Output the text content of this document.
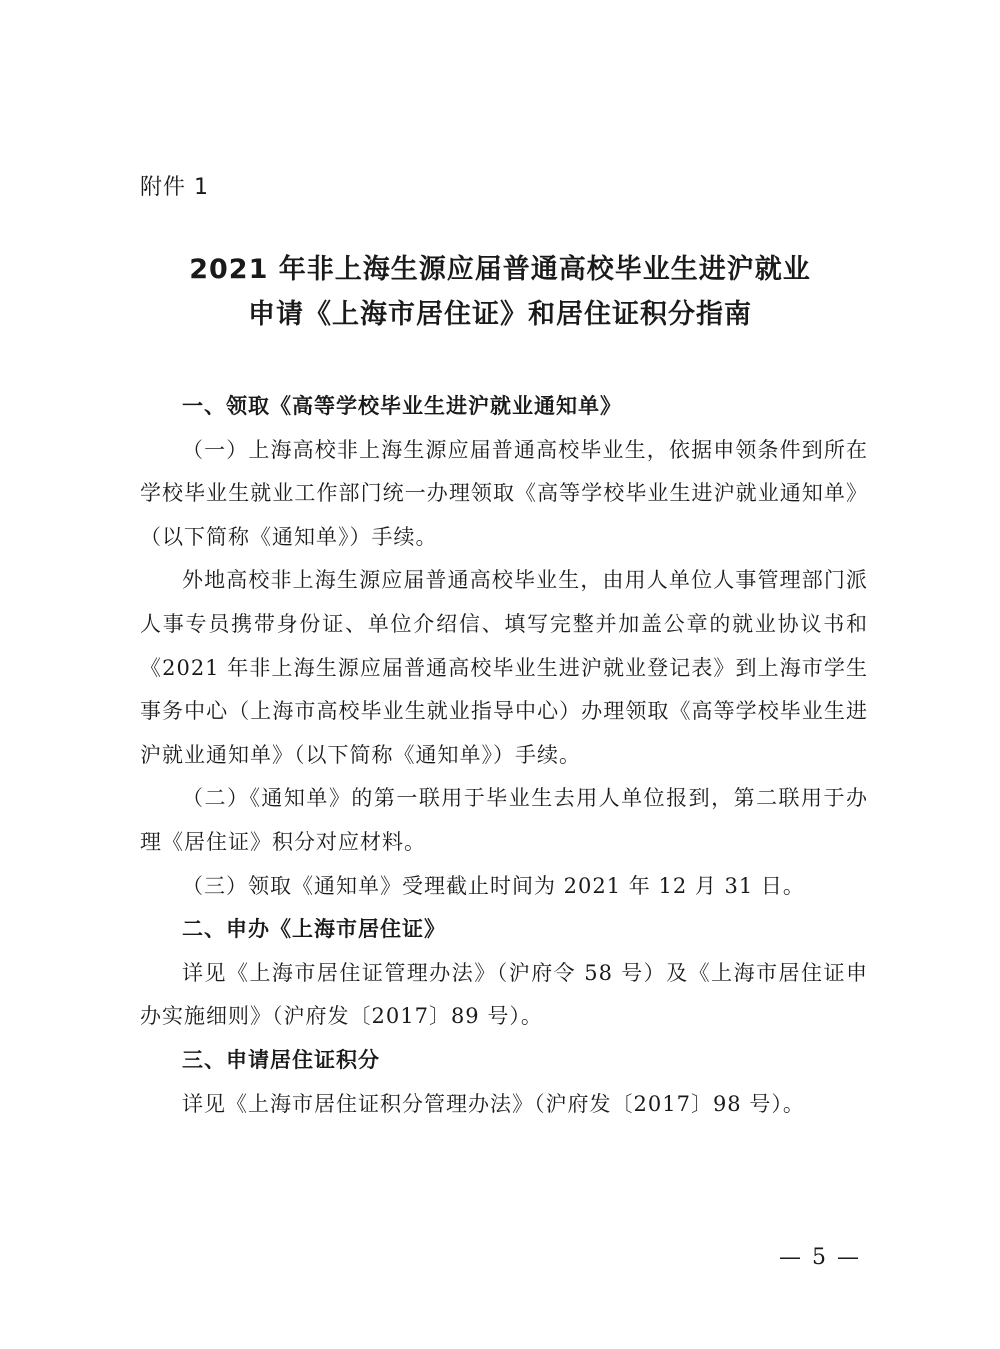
附件 1
2021 年非上海生源应届普通高校毕业生进沪就业
申请《上海市居住证》和居住证积分指南

一、领取《高等学校毕业生进沪就业通知单》

（一）上海高校非上海生源应届普通高校毕业生，依据申领条件到所在学校毕业生就业工作部门统一办理领取《高等学校毕业生进沪就业通知单》（以下简称《通知单》）手续。

外地高校非上海生源应届普通高校毕业生，由用人单位人事管理部门派人事专员携带身份证、单位介绍信、填写完整并加盖公章的就业协议书和《2021 年非上海生源应届普通高校毕业生进沪就业登记表》到上海市学生事务中心（上海市高校毕业生就业指导中心）办理领取《高等学校毕业生进沪就业通知单》（以下简称《通知单》）手续。

（二）《通知单》的第一联用于毕业生去用人单位报到，第二联用于办理《居住证》积分对应材料。

（三）领取《通知单》受理截止时间为 2021 年 12 月 31 日。

二、申办《上海市居住证》

详见《上海市居住证管理办法》（沪府令 58 号）及《上海市居住证申办实施细则》（沪府发〔2017〕89 号）。

三、申请居住证积分

详见《上海市居住证积分管理办法》（沪府发〔2017〕98 号）。

— 5 —
